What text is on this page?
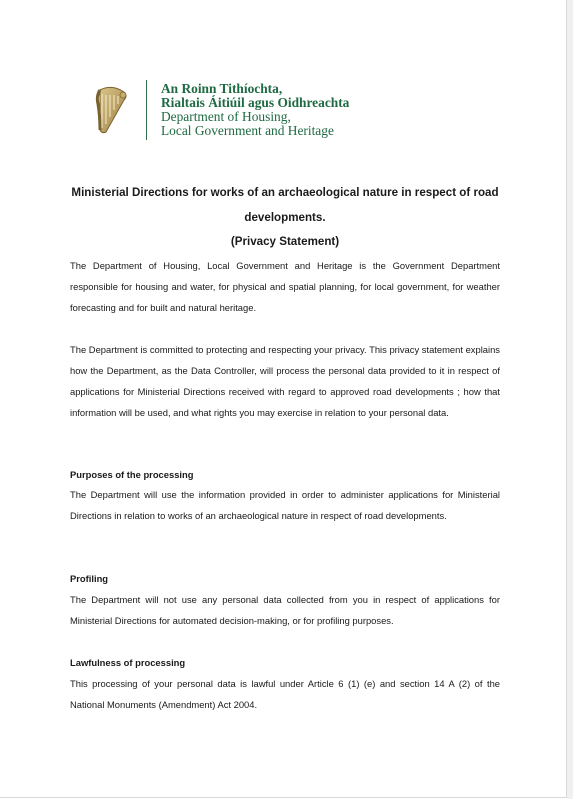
An Roinn Tithíochta,
Rialtais Áitiúil agus Oidhreachta
Department of Housing,
Local Government and Heritage
Ministerial Directions for works of an archaeological nature in respect of road developments.
(Privacy Statement)
The Department of Housing, Local Government and Heritage is the Government Department responsible for housing and water, for physical and spatial planning, for local government, for weather forecasting and for built and natural heritage.
The Department is committed to protecting and respecting your privacy. This privacy statement explains how the Department, as the Data Controller, will process the personal data provided to it in respect of applications for Ministerial Directions received with regard to approved road developments ; how that information will be used, and what rights you may exercise in relation to your personal data.
Purposes of the processing
The Department will use the information provided in order to administer applications for Ministerial Directions in relation to works of an archaeological nature in respect of road developments.
Profiling
The Department will not use any personal data collected from you in respect of applications for Ministerial Directions for automated decision-making, or for profiling purposes.
Lawfulness of processing
This processing of your personal data is lawful under Article 6 (1) (e) and section 14 A (2) of the National Monuments (Amendment) Act 2004.
